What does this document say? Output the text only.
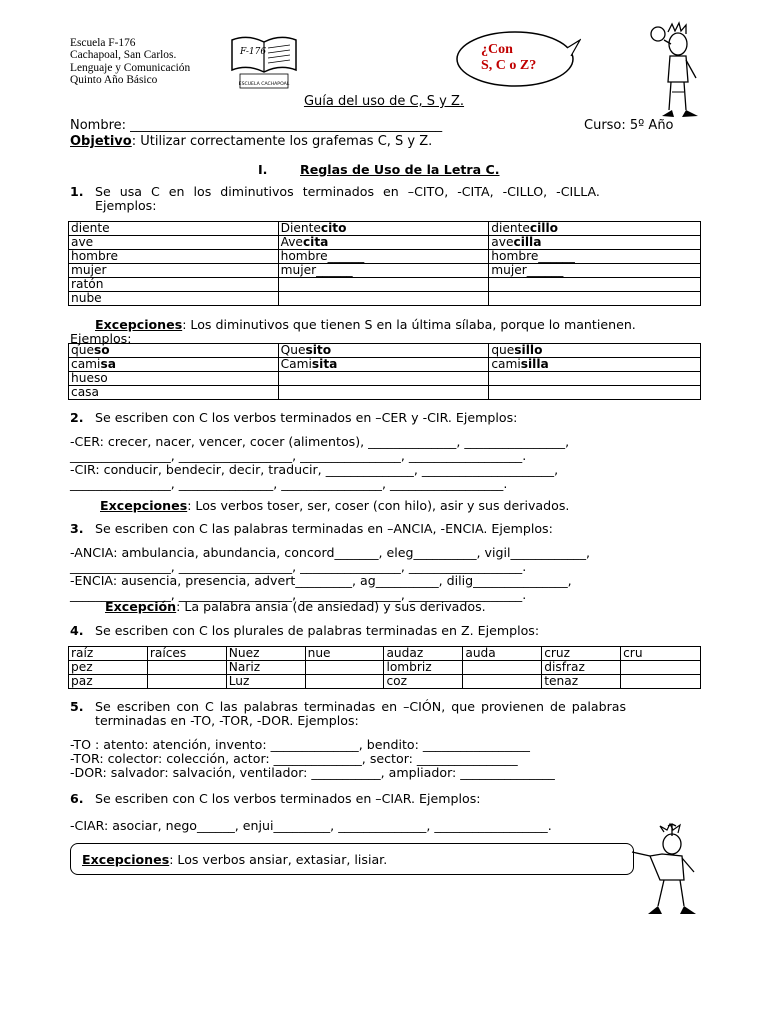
Escuela F-176
Cachapoal, San Carlos.
Lenguaje y Comunicación
Quinto Año Básico
F-176
ESCUELA CACHAPOAL
¿Con
S, C o Z?
Guía del uso de C, S y Z.
Nombre: ________________________________________________	Curso: 5º Año
Objetivo: Utilizar correctamente los grafemas C, S y Z.
I.	Reglas de Uso de la Letra C.
1. Se usa C en los diminutivos terminados en –CITO, -CITA, -CILLO, -CILLA.
Ejemplos:
diente	Dientecito	dientecillo
ave	Avecita	avecilla
hombre	hombre______	hombre______
mujer	mujer______	mujer______
ratón		
nube		
Excepciones: Los diminutivos que tienen S en la última sílaba, porque lo mantienen.
Ejemplos:
queso	Quesito	quesillo
camisa	Camisita	camisilla
hueso		
casa		
2. Se escriben con C los verbos terminados en –CER y -CIR. Ejemplos:
-CER: crecer, nacer, vencer, cocer (alimentos), ______________, ________________,
________________, __________________, ________________, __________________.
-CIR: conducir, bendecir, decir, traducir, ______________, _____________________,
________________, _______________, ________________, __________________.
Excepciones: Los verbos toser, ser, coser (con hilo), asir y sus derivados.
3. Se escriben con C las palabras terminadas en –ANCIA, -ENCIA. Ejemplos:
-ANCIA: ambulancia, abundancia, concord_______, eleg__________, vigil____________,
________________, __________________, ________________, __________________.
-ENCIA: ausencia, presencia, advert_________, ag__________, dilig_______________,
________________, __________________, ________________, __________________.
Excepción: La palabra ansia (de ansiedad) y sus derivados.
4. Se escriben con C los plurales de palabras terminadas en Z. Ejemplos:
raíz	raíces	Nuez	nue	audaz	auda	cruz	cru
pez		Nariz		lombriz		disfraz	
paz		Luz		coz		tenaz	
5. Se escriben con C las palabras terminadas en –CIÓN, que provienen de palabras
terminadas en -TO, -TOR, -DOR. Ejemplos:
-TO : atento: atención, invento: ______________, bendito: _________________
-TOR: colector: colección, actor: ______________, sector: ________________
-DOR: salvador: salvación, ventilador: ___________, ampliador: _______________
6. Se escriben con C los verbos terminados en –CIAR. Ejemplos:
-CIAR: asociar, nego______, enjui_________, ______________, __________________.
Excepciones: Los verbos ansiar, extasiar, lisiar.
